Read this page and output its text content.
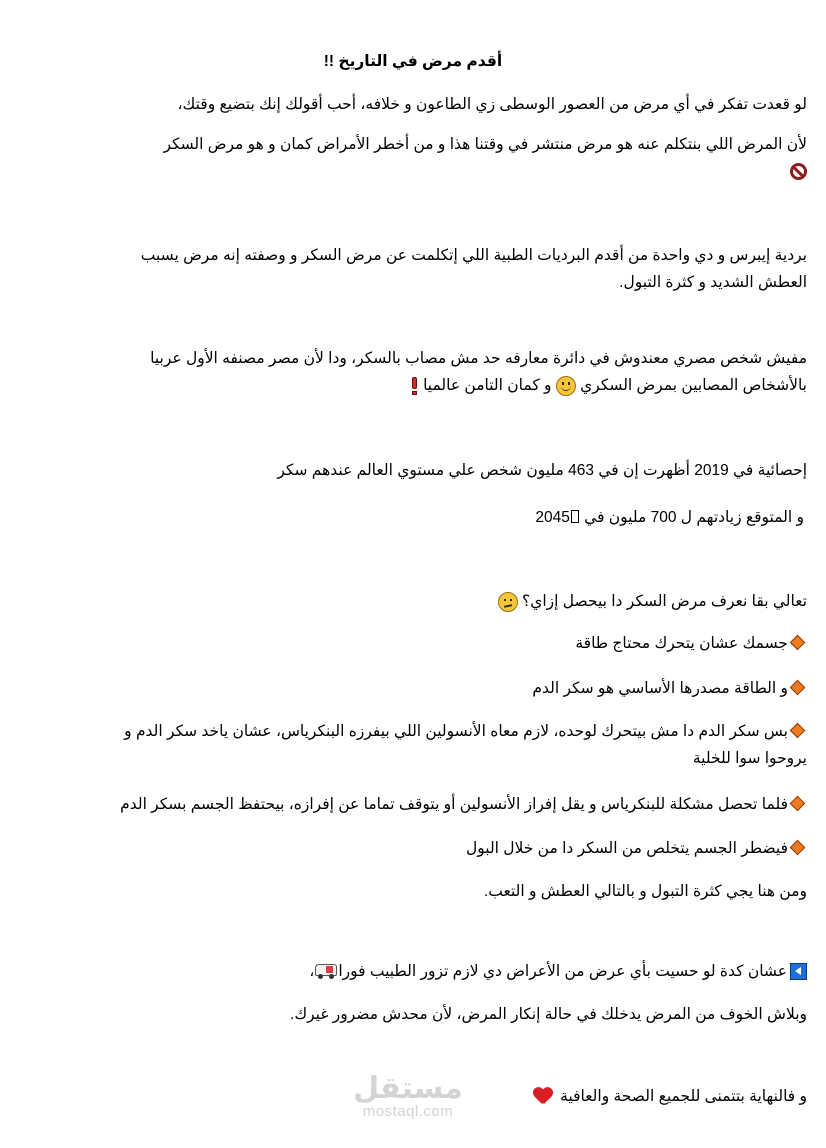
أقدم مرض في التاريخ !!
لو قعدت تفكر في أي مرض من العصور الوسطى زي الطاعون و خلافه، أحب أقولك إنك بتضيع وقتك،
لأن المرض اللي بنتكلم عنه هو مرض منتشر في وقتنا هذا و من أخطر الأمراض كمان و هو مرض السكر
بردية إيبرس و دي واحدة من أقدم البرديات الطبية اللي إتكلمت عن مرض السكر و وصفته إنه مرض يسبب العطش الشديد و كثرة التبول.
مفيش شخص مصري معندوش في دائرة معارفه حد مش مصاب بالسكر، ودا لأن مصر مصنفه الأول عربيا بالأشخاص المصابين بمرض السكري  و كمان التامن عالميا
إحصائية في 2019 أظهرت إن في 463 مليون شخص علي مستوي العالم عندهم سكر
و المتوقع زيادتهم ل 700 مليون في 2045
تعالي بقا نعرف مرض السكر دا بيحصل إزاي؟
جسمك عشان يتحرك محتاج طاقة
و الطاقة مصدرها الأساسي هو سكر الدم
بس سكر الدم دا مش بيتحرك لوحده، لازم معاه الأنسولين اللي بيفرزه البنكرياس، عشان ياخد سكر الدم و يروحوا سوا للخلية
فلما تحصل مشكلة للبنكرياس و يقل إفراز الأنسولين أو يتوقف تماما عن إفرازه، بيحتفظ الجسم بسكر الدم
فيضطر الجسم يتخلص من السكر دا من خلال البول
ومن هنا يجي كثرة التبول و بالتالي العطش و التعب.
عشان كدة لو حسيت بأي عرض من الأعراض دي لازم تزور الطبيب فورا
،
وبلاش الخوف من المرض يدخلك في حالة إنكار المرض، لأن محدش مضرور غيرك.
و فالنهاية بتتمنى للجميع الصحة والعافية
مستقل
mostaql.com
